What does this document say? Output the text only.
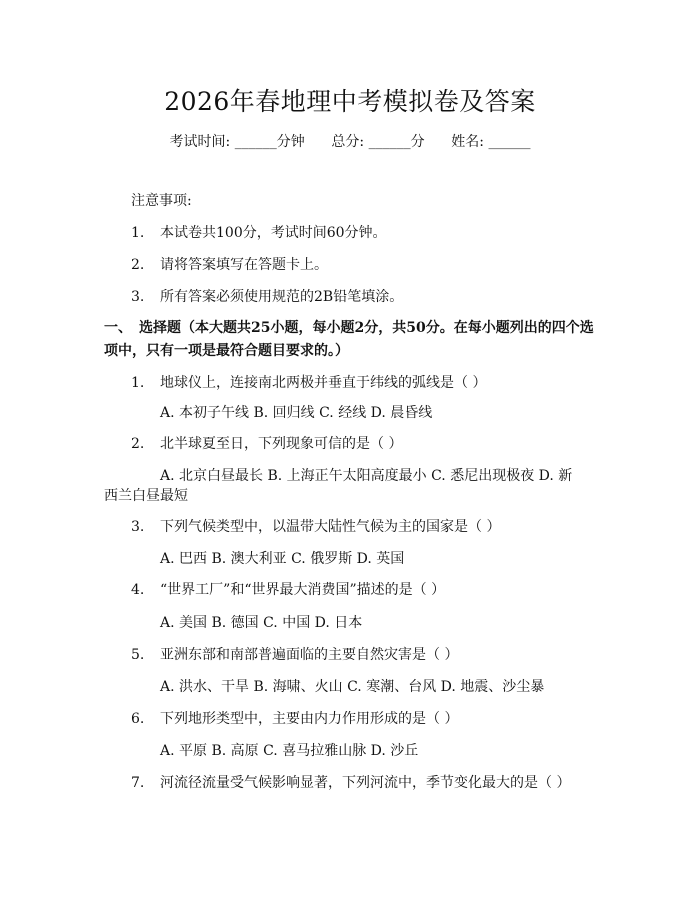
2026年春地理中考模拟卷及答案
考试时间: ______分钟      总分: ______分      姓名: ______
注意事项:
1. 本试卷共100分，考试时间60分钟。
2. 请将答案填写在答题卡上。
3. 所有答案必须使用规范的2B铅笔填涂。
一、 选择题（本大题共25小题，每小题2分，共50分。在每小题列出的四个选
项中，只有一项是最符合题目要求的。）
1. 地球仪上，连接南北两极并垂直于纬线的弧线是（ ）
A. 本初子午线 B. 回归线 C. 经线 D. 晨昏线
2. 北半球夏至日，下列现象可信的是（ ）
A. 北京白昼最长 B. 上海正午太阳高度最小 C. 悉尼出现极夜 D. 新
西兰白昼最短
3. 下列气候类型中，以温带大陆性气候为主的国家是（ ）
A. 巴西 B. 澳大利亚 C. 俄罗斯 D. 英国
4. “世界工厂”和“世界最大消费国”描述的是（ ）
A. 美国 B. 德国 C. 中国 D. 日本
5. 亚洲东部和南部普遍面临的主要自然灾害是（ ）
A. 洪水、干旱 B. 海啸、火山 C. 寒潮、台风 D. 地震、沙尘暴
6. 下列地形类型中，主要由内力作用形成的是（ ）
A. 平原 B. 高原 C. 喜马拉雅山脉 D. 沙丘
7. 河流径流量受气候影响显著，下列河流中，季节变化最大的是（ ）
